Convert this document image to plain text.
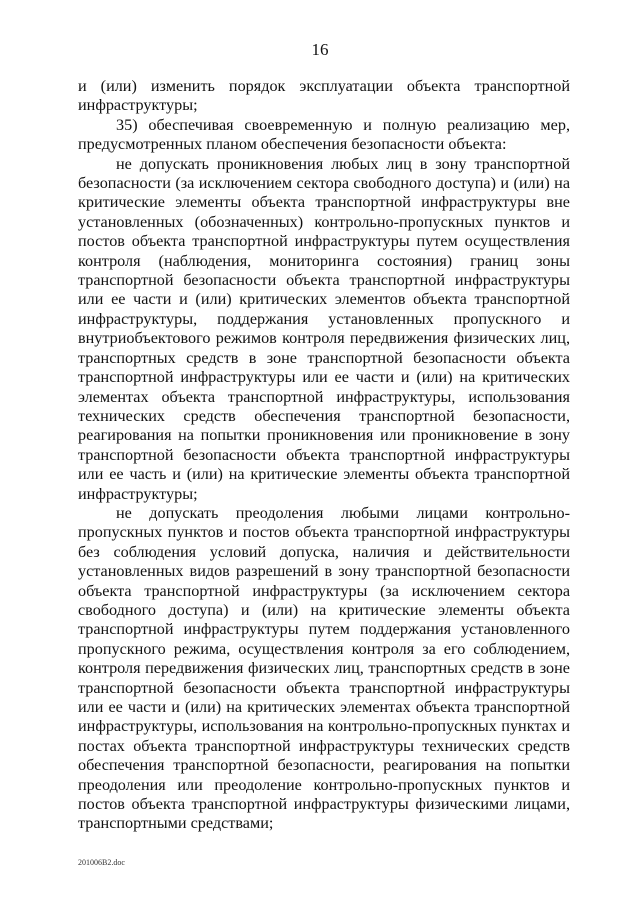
16

и (или) изменить порядок эксплуатации объекта транспортной инфраструктуры;

35) обеспечивая своевременную и полную реализацию мер, предусмотренных планом обеспечения безопасности объекта:

не допускать проникновения любых лиц в зону транспортной безопасности (за исключением сектора свободного доступа) и (или) на критические элементы объекта транспортной инфраструктуры вне установленных (обозначенных) контрольно-пропускных пунктов и постов объекта транспортной инфраструктуры путем осуществления контроля (наблюдения, мониторинга состояния) границ зоны транспортной безопасности объекта транспортной инфраструктуры или ее части и (или) критических элементов объекта транспортной инфраструктуры, поддержания установленных пропускного и внутриобъектового режимов контроля передвижения физических лиц, транспортных средств в зоне транспортной безопасности объекта транспортной инфраструктуры или ее части и (или) на критических элементах объекта транспортной инфраструктуры, использования технических средств обеспечения транспортной безопасности, реагирования на попытки проникновения или проникновение в зону транспортной безопасности объекта транспортной инфраструктуры или ее часть и (или) на критические элементы объекта транспортной инфраструктуры;

не допускать преодоления любыми лицами контрольно-пропускных пунктов и постов объекта транспортной инфраструктуры без соблюдения условий допуска, наличия и действительности установленных видов разрешений в зону транспортной безопасности объекта транспортной инфраструктуры (за исключением сектора свободного доступа) и (или) на критические элементы объекта транспортной инфраструктуры путем поддержания установленного пропускного режима, осуществления контроля за его соблюдением, контроля передвижения физических лиц, транспортных средств в зоне транспортной безопасности объекта транспортной инфраструктуры или ее части и (или) на критических элементах объекта транспортной инфраструктуры, использования на контрольно-пропускных пунктах и постах объекта транспортной инфраструктуры технических средств обеспечения транспортной безопасности, реагирования на попытки преодоления или преодоление контрольно-пропускных пунктов и постов объекта транспортной инфраструктуры физическими лицами, транспортными средствами;

201006В2.doc
